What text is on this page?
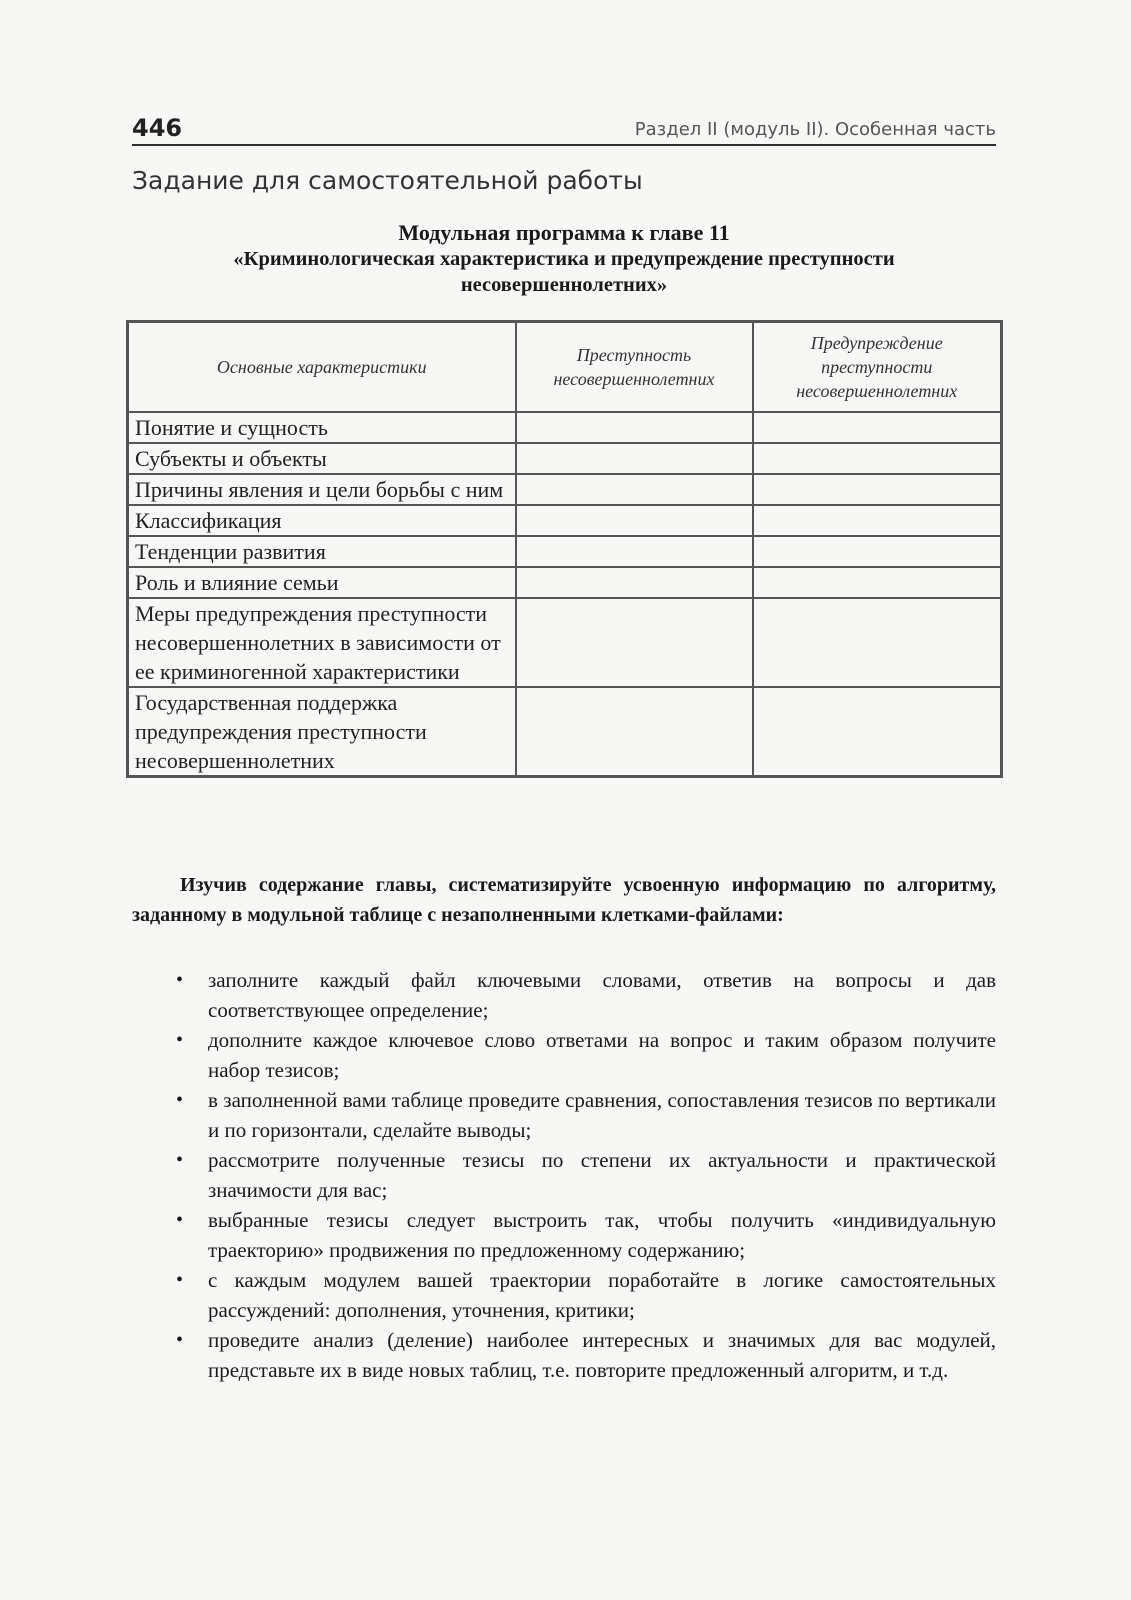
446	Раздел II (модуль II). Особенная часть
Задание для самостоятельной работы
Модульная программа к главе 11
«Криминологическая характеристика и предупреждение преступности несовершеннолетних»
Основные характеристики	Преступность несовершеннолетних	Предупреждение преступности несовершеннолетних
Понятие и сущность		
Субъекты и объекты		
Причины явления и цели борьбы с ним		
Классификация		
Тенденции развития		
Роль и влияние семьи		
Меры предупреждения преступности несовершеннолетних в зависимости от ее криминогенной характеристики		
Государственная поддержка предупреждения преступности несовершеннолетних		

Изучив содержание главы, систематизируйте усвоенную информацию по алгоритму, заданному в модульной таблице с незаполненными клетками-файлами:

• заполните каждый файл ключевыми словами, ответив на вопросы и дав соответствующее определение;
• дополните каждое ключевое слово ответами на вопрос и таким образом получите набор тезисов;
• в заполненной вами таблице проведите сравнения, сопоставления тезисов по вертикали и по горизонтали, сделайте выводы;
• рассмотрите полученные тезисы по степени их актуальности и практической значимости для вас;
• выбранные тезисы следует выстроить так, чтобы получить «индивидуальную траекторию» продвижения по предложенному содержанию;
• с каждым модулем вашей траектории поработайте в логике самостоятельных рассуждений: дополнения, уточнения, критики;
• проведите анализ (деление) наиболее интересных и значимых для вас модулей, представьте их в виде новых таблиц, т.е. повторите предложенный алгоритм, и т.д.
